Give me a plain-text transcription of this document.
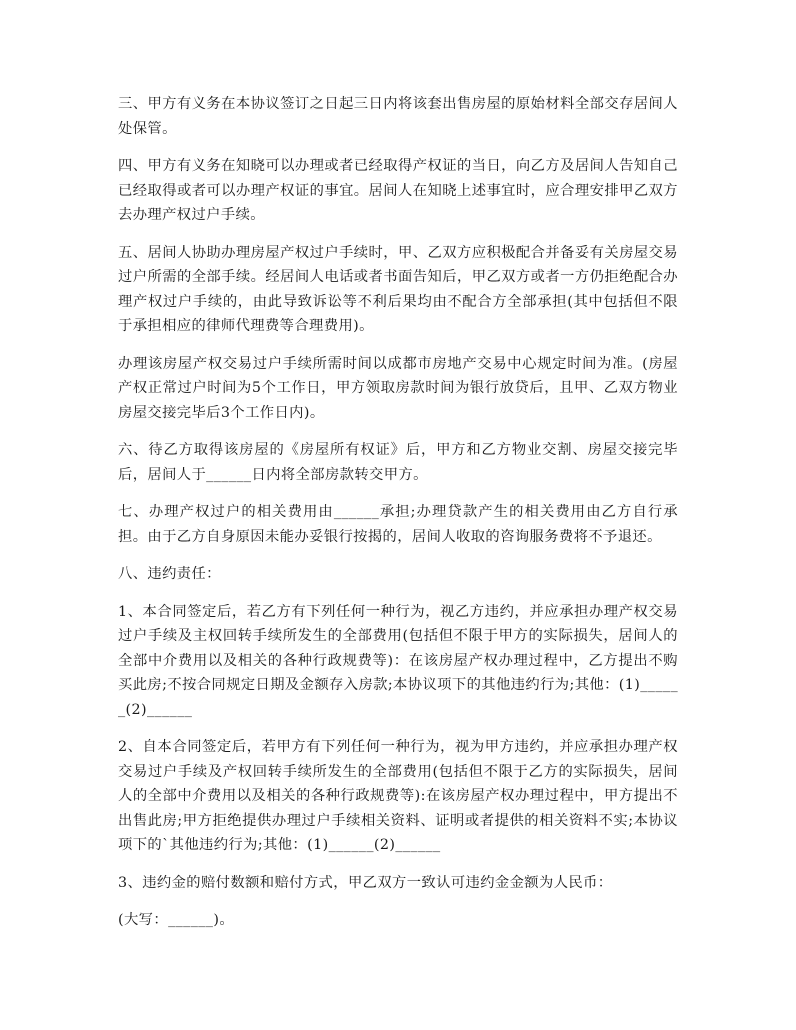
三、甲方有义务在本协议签订之日起三日内将该套出售房屋的原始材料全部交存居间人处保管。

四、甲方有义务在知晓可以办理或者已经取得产权证的当日，向乙方及居间人告知自己已经取得或者可以办理产权证的事宜。居间人在知晓上述事宜时，应合理安排甲乙双方去办理产权过户手续。

五、居间人协助办理房屋产权过户手续时，甲、乙双方应积极配合并备妥有关房屋交易过户所需的全部手续。经居间人电话或者书面告知后，甲乙双方或者一方仍拒绝配合办理产权过户手续的，由此导致诉讼等不利后果均由不配合方全部承担(其中包括但不限于承担相应的律师代理费等合理费用)。

办理该房屋产权交易过户手续所需时间以成都市房地产交易中心规定时间为准。(房屋产权正常过户时间为5个工作日，甲方领取房款时间为银行放贷后，且甲、乙双方物业房屋交接完毕后3个工作日内)。

六、待乙方取得该房屋的《房屋所有权证》后，甲方和乙方物业交割、房屋交接完毕后，居间人于______日内将全部房款转交甲方。

七、办理产权过户的相关费用由______承担;办理贷款产生的相关费用由乙方自行承担。由于乙方自身原因未能办妥银行按揭的，居间人收取的咨询服务费将不予退还。

八、违约责任：

1、本合同签定后，若乙方有下列任何一种行为，视乙方违约，并应承担办理产权交易过户手续及主权回转手续所发生的全部费用(包括但不限于甲方的实际损失，居间人的全部中介费用以及相关的各种行政规费等)：在该房屋产权办理过程中，乙方提出不购买此房;不按合同规定日期及金额存入房款;本协议项下的其他违约行为;其他：(1)______(2)______

2、自本合同签定后，若甲方有下列任何一种行为，视为甲方违约，并应承担办理产权交易过户手续及产权回转手续所发生的全部费用(包括但不限于乙方的实际损失，居间人的全部中介费用以及相关的各种行政规费等):在该房屋产权办理过程中，甲方提出不出售此房;甲方拒绝提供办理过户手续相关资料、证明或者提供的相关资料不实;本协议项下的`其他违约行为;其他：(1)______(2)______

3、违约金的赔付数额和赔付方式，甲乙双方一致认可违约金金额为人民币：

(大写：______)。
